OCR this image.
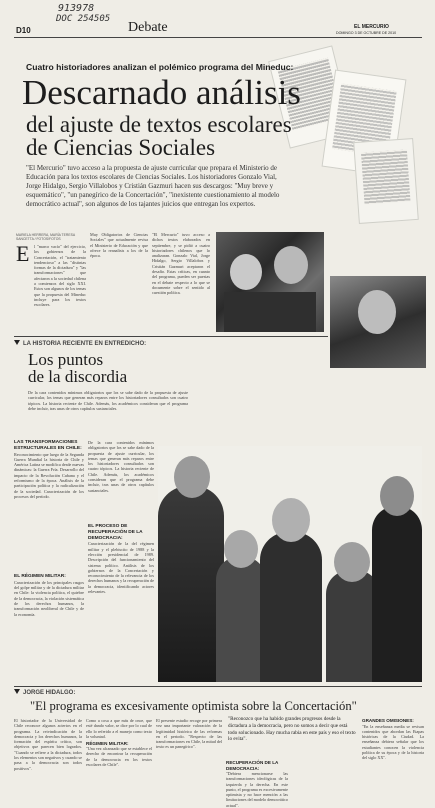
913978
DOC 254505
D10	Debate	EL MERCURIO
DOMINGO 3 DE OCTUBRE DE 2010
Cuatro historiadores analizan el polémico programa del Mineduc:
Descarnado análisis
del ajuste de textos escolares
de Ciencias Sociales
"El Mercurio" tuvo acceso a la propuesta de ajuste curricular que prepara el Ministerio de Educación para los textos escolares de Ciencias Sociales. Los historiadores Gonzalo Vial, Jorge Hidalgo, Sergio Villalobos y Cristián Gazmuri hacen sus descargos: "Muy breve y esquemático", "un panegírico de la Concertación", "inexistente cuestionamiento al modelo democrático actual", son algunos de los tajantes juicios que entregan los expertos.
MARIELA HERRERA, MARÍA TERESA SANCETTA / FOTOS/FOTOS
E l "marco vacío" del ejercicio, los gobiernos de la Concertación, el "tratamiento tendencioso" a las "distintas formas de la dictadura" y "las transformaciones" que afectaron a la sociedad chilena a comienzos del siglo XXI. Estos son algunos de los temas que la propuesta del Mineduc incluye para los textos escolares.
Muy Obligatorios de Ciencias Sociales" que actualmente revisa el Ministerio de Educación y que ofrece la reanalisis a los de la época.
"El Mercurio" tuvo acceso a dichos textos elaborados en septiembre, y se pidió a cuatro historiadores chilenos que lo analizaran. Gonzalo Vial, Jorge Hidalgo, Sergio Villalobos y Cristián Gazmuri aceptaron el desafío. Estas críticas, en cuanto del programa, pueden ser puestas en el debate respecto a lo que se documente sobre el sentido al cuestión política.
LA HISTORIA RECIENTE EN ENTREDICHO:
Los puntos
de la discordia
De la cara contenidos mínimos obligatorios que los se sabe dado de la propuesta de ajuste curricular, los temas que generan más reparos entre los historiadores consultados son cuatro tópicos. La historia reciente de Chile. Además, los académicos consideran que el programa debe incluir, tras unas de otros capítulos sustanciales.
LAS TRANSFORMACIONES ESTRUCTURALES EN CHILE:
Reconocimiento que luego de la Segunda Guerra Mundial la historia de Chile y América Latina se modifica desde nuevas dinámicas: la Guerra Fría. Desarrollo del impacto de la Revolución Cubana y el reformismo de la época. Análisis de la participación política y la radicalización de la sociedad. Caracterización de los procesos del período.
EL RÉGIMEN MILITAR:
Caracterización de los principales rasgos del golpe militar y de la dictadura militar en Chile: la violencia política, el quiebre de la democracia, la violación sistemática de los derechos humanos, la transformación neoliberal de Chile y de la economía.
De la cara contenidos mínimos obligatorios que los se sabe dado de la propuesta de ajuste curricular, los temas que generan más reparos entre los historiadores consultados son cuatro tópicos. La historia reciente de Chile. Además, los académicos consideran que el programa debe incluir, tras unas de otros capítulos sustanciales.
EL PROCESO DE RECUPERACIÓN DE LA DEMOCRACIA:
Caracterización de la del régimen militar y el plebiscito de 1988 y la elección presidencial de 1989. Descripción del funcionamiento del sistema político. Análisis de los gobiernos de la Concertación y reconocimiento de la relevancia de los derechos humanos y la recuperación de la democracia, identificando actores relevantes.
JORGE HIDALGO:
"El programa es excesivamente optimista sobre la Concertación"
El historiador de la Universidad de Chile reconoce algunos aciertos en el programa. La reivindicación de la democracia y los derechos humanos, la formación del espíritu crítico, son objetivos que parecen bien logrados. "Cuando se refiere a la dictadura, todos los elementos son negativos y cuando se pasa a la democracia son todos positivos".
Como a cosa a que más de once, que esté dando valor, se dice por lo cual de ello lo referido a el manejo como texto la voluntad.
RÉGIMEN MILITAR:
"Una vez alcanzado que se establece el derecho de encontrar la recuperación de la democracia en los textos escolares de Chile".
El presente estudio recoge por primera vez una importante valoración de la legitimidad histórica de las reformas en el periodo. "Respecto de las transformaciones en Chile, la mitad del texto es un panegírico".
RECUPERACIÓN DE LA DEMOCRACIA:
"Debiera mencionarse las transformaciones ideológicas de la izquierda y la derecha. En este punto, el programa es excesivamente optimista y no hace mención a las limitaciones del modelo democrático actual".
"Reconozco que ha habido grandes progresos desde la dictadura a la democracia, pero no somos a decir que está todo solucionado. Hay mucha rabia en este país y eso el texto lo evita".
GRANDES OMISIONES:
"En la enseñanza media se revisan contenidos que abordan las Etapas históricas de la Ciudad. La enseñanza debiera señalar que los estudiantes conocen la violencia política de su época y de la historia del siglo XX".
